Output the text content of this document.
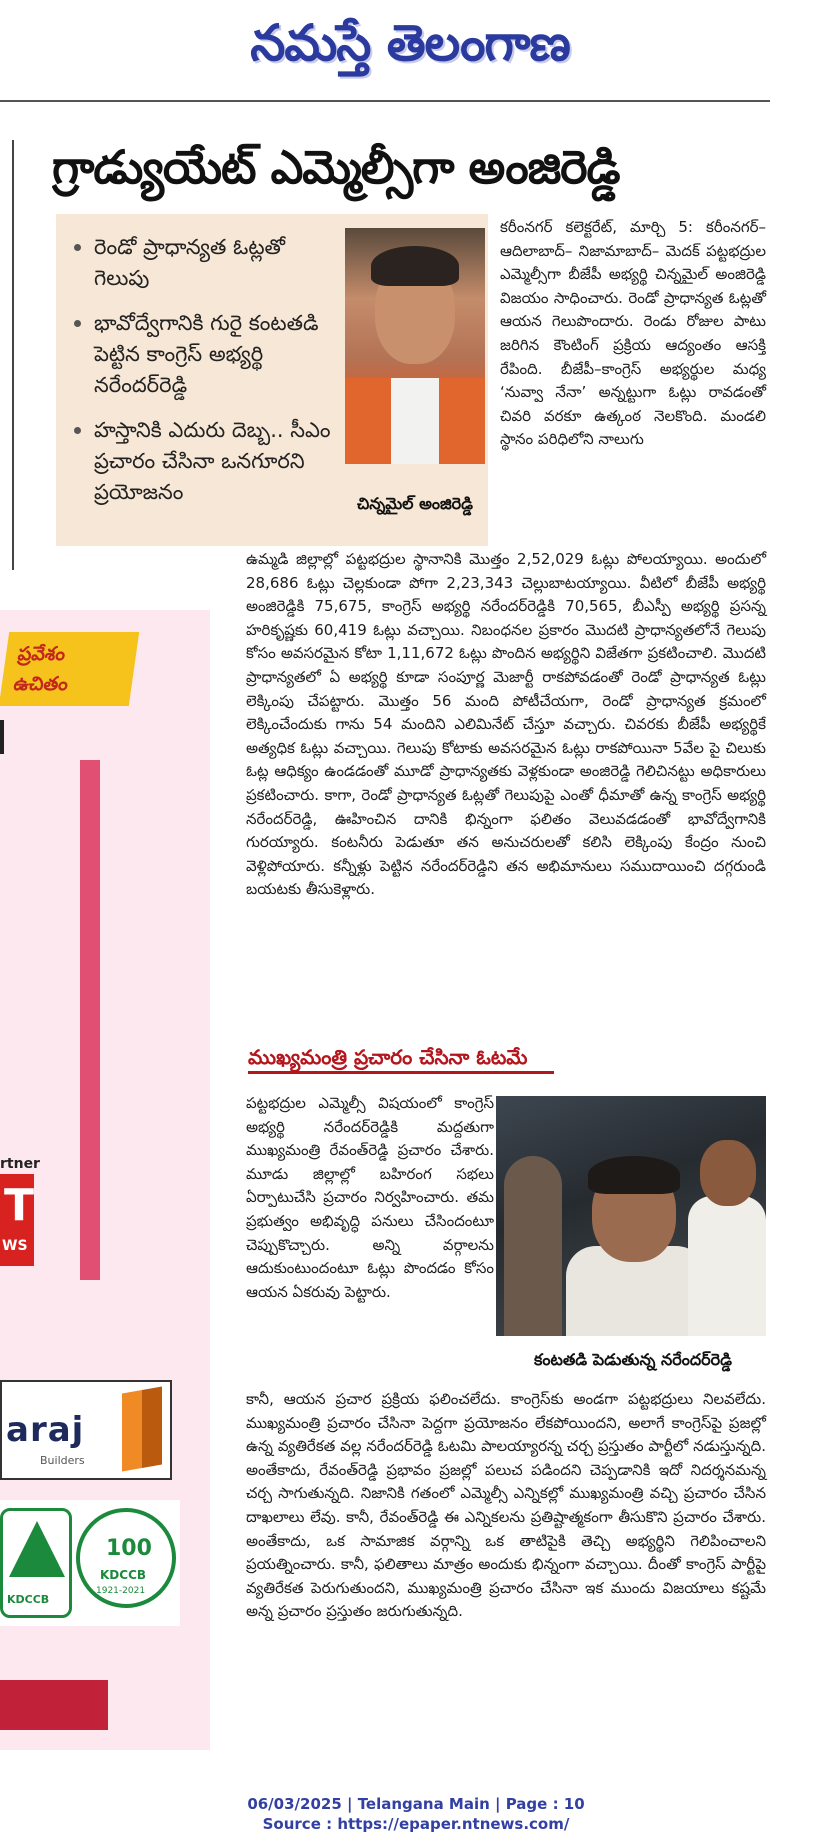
నమస్తే తెలంగాణ
గ్రాడ్యుయేట్ ఎమ్మెల్సీగా అంజిరెడ్డి
రెండో ప్రాధాన్యత ఓట్లతో గెలుపు
భావోద్వేగానికి గురై కంటతడి పెట్టిన కాంగ్రెస్ అభ్యర్థి నరేందర్‌రెడ్డి
హస్తానికి ఎదురు దెబ్బ.. సీఎం ప్రచారం చేసినా ఒనగూరని ప్రయోజనం	చిన్నమైల్ అంజిరెడ్డి

కరీంనగర్ కలెక్టరేట్, మార్చి 5: కరీంనగర్– ఆదిలాబాద్– నిజామాబాద్– మెదక్ పట్టభద్రుల ఎమ్మెల్సీగా బీజేపీ అభ్యర్థి చిన్నమైల్ అంజిరెడ్డి విజయం సాధించారు. రెండో ప్రాధాన్యత ఓట్లతో ఆయన గెలుపొందారు. రెండు రోజుల పాటు జరిగిన కౌంటింగ్ ప్రక్రియ ఆద్యంతం ఆసక్తి రేపింది. బీజేపీ–కాంగ్రెస్ అభ్యర్థుల మధ్య ‘నువ్వా నేనా’ అన్నట్టుగా ఓట్లు రావడంతో చివరి వరకూ ఉత్కంఠ నెలకొంది. మండలి స్థానం పరిధిలోని నాలుగు

ఉమ్మడి జిల్లాల్లో పట్టభద్రుల స్థానానికి మొత్తం 2,52,029 ఓట్లు పోలయ్యాయి. అందులో 28,686 ఓట్లు చెల్లకుండా పోగా 2,23,343 చెల్లుబాటయ్యాయి. వీటిలో బీజేపీ అభ్యర్థి అంజిరెడ్డికి 75,675, కాంగ్రెస్ అభ్యర్థి నరేందర్‌రెడ్డికి 70,565, బీఎస్పీ అభ్యర్థి ప్రసన్న హరికృష్ణకు 60,419 ఓట్లు వచ్చాయి. నిబంధనల ప్రకారం మొదటి ప్రాధాన్యతలోనే గెలుపు కోసం అవసరమైన కోటా 1,11,672 ఓట్లు పొందిన అభ్యర్థిని విజేతగా ప్రకటించాలి. మొదటి ప్రాధాన్యతలో ఏ అభ్యర్థి కూడా సంపూర్ణ మెజార్టీ రాకపోవడంతో రెండో ప్రాధాన్యత ఓట్లు లెక్కింపు చేపట్టారు. మొత్తం 56 మంది పోటీచేయగా, రెండో ప్రాధాన్యత క్రమంలో లెక్కించేందుకు గాను 54 మందిని ఎలిమినేట్ చేస్తూ వచ్చారు. చివరకు బీజేపీ అభ్యర్థికే అత్యధిక ఓట్లు వచ్చాయి. గెలుపు కోటాకు అవసరమైన ఓట్లు రాకపోయినా 5వేల పై చిలుకు ఓట్ల ఆధిక్యం ఉండడంతో మూడో ప్రాధాన్యతకు వెళ్లకుండా అంజిరెడ్డి గెలిచినట్టు అధికారులు ప్రకటించారు. కాగా, రెండో ప్రాధాన్యత ఓట్లతో గెలుపుపై ఎంతో ధీమాతో ఉన్న కాంగ్రెస్ అభ్యర్థి నరేందర్‌రెడ్డి, ఊహించిన దానికి భిన్నంగా ఫలితం వెలువడడంతో భావోద్వేగానికి గురయ్యారు. కంటనీరు పెడుతూ తన అనుచరులతో కలిసి లెక్కింపు కేంద్రం నుంచి వెళ్లిపోయారు. కన్నీళ్లు పెట్టిన నరేందర్‌రెడ్డిని తన అభిమానులు సముదాయించి దగ్గరుండి బయటకు తీసుకెళ్లారు.

ముఖ్యమంత్రి ప్రచారం చేసినా ఓటమే

పట్టభద్రుల ఎమ్మెల్సీ విషయంలో కాంగ్రెస్ అభ్యర్థి నరేందర్‌రెడ్డికి మద్దతుగా ముఖ్యమంత్రి రేవంత్‌రెడ్డి ప్రచారం చేశారు. మూడు జిల్లాల్లో బహిరంగ సభలు ఏర్పాటుచేసి ప్రచారం నిర్వహించారు. తమ ప్రభుత్వం అభివృద్ధి పనులు చేసిందంటూ చెప్పుకొచ్చారు. అన్ని వర్గాలను ఆదుకుంటుందంటూ ఓట్లు పొందడం కోసం ఆయన ఏకరువు పెట్టారు.

కంటతడి పెడుతున్న నరేందర్‌రెడ్డి

కానీ, ఆయన ప్రచార ప్రక్రియ ఫలించలేదు. కాంగ్రెస్‌కు అండగా పట్టభద్రులు నిలవలేదు. ముఖ్యమంత్రి ప్రచారం చేసినా పెద్దగా ప్రయోజనం లేకపోయిందని, అలాగే కాంగ్రెస్‌పై ప్రజల్లో ఉన్న వ్యతిరేకత వల్ల నరేందర్‌రెడ్డి ఓటమి పాలయ్యారన్న చర్చ ప్రస్తుతం పార్టీలో నడుస్తున్నది. అంతేకాదు, రేవంత్‌రెడ్డి ప్రభావం ప్రజల్లో పలుచ పడిందని చెప్పడానికి ఇదో నిదర్శనమన్న చర్చ సాగుతున్నది. నిజానికి గతంలో ఎమ్మెల్సీ ఎన్నికల్లో ముఖ్యమంత్రి వచ్చి ప్రచారం చేసిన దాఖలాలు లేవు. కానీ, రేవంత్‌రెడ్డి ఈ ఎన్నికలను ప్రతిష్టాత్మకంగా తీసుకొని ప్రచారం చేశారు. అంతేకాదు, ఒక సామాజిక వర్గాన్ని ఒక తాటిపైకి తెచ్చి అభ్యర్థిని గెలిపించాలని ప్రయత్నించారు. కానీ, ఫలితాలు మాత్రం అందుకు భిన్నంగా వచ్చాయి. దీంతో కాంగ్రెస్ పార్టీపై వ్యతిరేకత పెరుగుతుందని, ముఖ్యమంత్రి ప్రచారం చేసినా ఇక ముందు విజయాలు కష్టమే అన్న ప్రచారం ప్రస్తుతం జరుగుతున్నది.

ప్రవేశం
ఉచితం
rtner
T
WS
araj
Builders
KDCCB
100
KDCCB
1921-2021
06/03/2025 | Telangana Main | Page : 10
Source : https://epaper.ntnews.com/
